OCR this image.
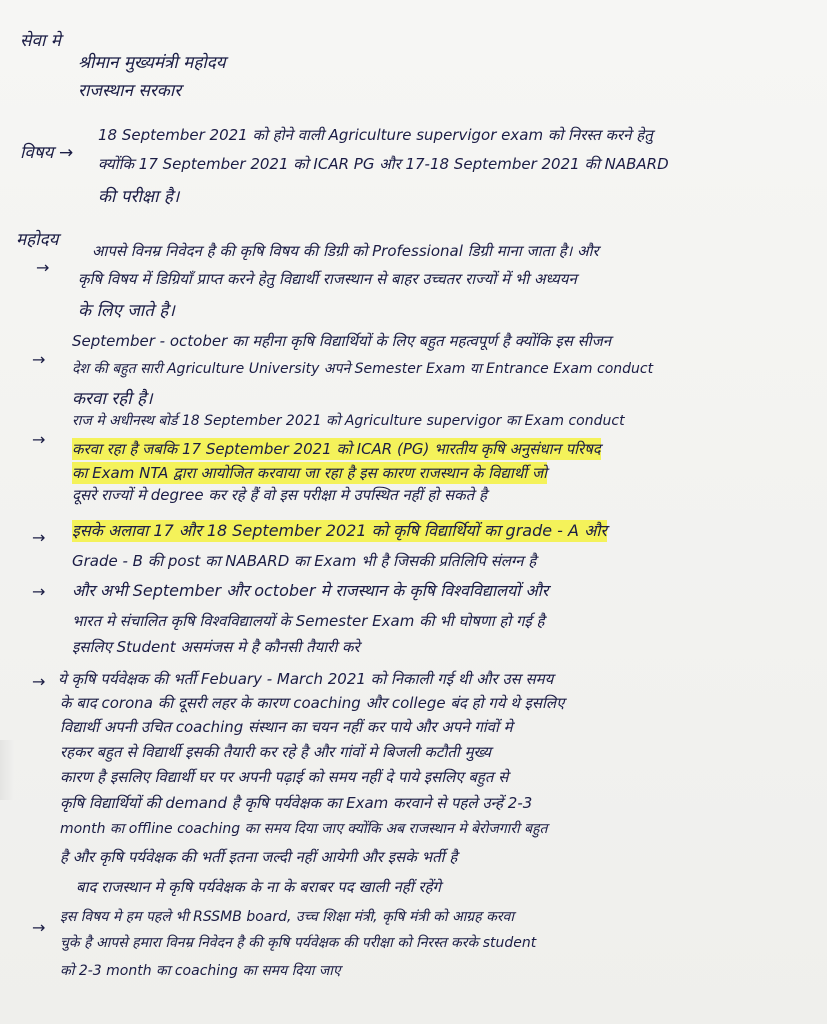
सेवा मे
श्रीमान मुख्यमंत्री महोदय
राजस्थान सरकार
विषय →
18 September 2021 को होने वाली Agriculture supervigor exam को निरस्त करने हेतु
क्योंकि 17 September 2021 को ICAR PG और 17-18 September 2021 की NABARD
की परीक्षा है।
महोदय
→
आपसे विनम्र निवेदन है की कृषि विषय की डिग्री को Professional डिग्री माना जाता है। और
कृषि विषय में डिग्रियाँ प्राप्त करने हेतु विद्यार्थी राजस्थान से बाहर उच्चतर राज्यों में भी अध्ययन
के लिए जाते है।
→
September - october का महीना कृषि विद्यार्थियों के लिए बहुत महत्वपूर्ण है क्योंकि इस सीजन
देश की बहुत सारी Agriculture University अपने Semester Exam या Entrance Exam conduct
करवा रही है।
→
राज मे अधीनस्थ बोर्ड 18 September 2021 को Agriculture supervigor का Exam conduct
करवा रहा है जबकि 17 September 2021 को ICAR (PG) भारतीय कृषि अनुसंधान परिषद
का Exam NTA द्वारा आयोजित करवाया जा रहा है इस कारण राजस्थान के विद्यार्थी जो
दूसरे राज्यों मे degree कर रहे हैं वो इस परीक्षा मे उपस्थित नहीं हो सकते है
→ इसके अलावा 17 और 18 September 2021 को कृषि विद्यार्थियों का grade - A और
Grade - B की post का NABARD का Exam भी है जिसकी प्रतिलिपि संलग्न है
→ और अभी September और october मे राजस्थान के कृषि विश्वविद्यालयों और
भारत मे संचालित कृषि विश्वविद्यालयों के Semester Exam की भी घोषणा हो गई है
इसलिए Student असमंजस मे है कौनसी तैयारी करे
→ ये कृषि पर्यवेक्षक की भर्ती Febuary - March 2021 को निकाली गई थी और उस समय
के बाद corona की दूसरी लहर के कारण coaching और college बंद हो गये थे इसलिए
विद्यार्थी अपनी उचित coaching संस्थान का चयन नहीं कर पाये और अपने गांवों मे
रहकर बहुत से विद्यार्थी इसकी तैयारी कर रहे है और गांवों मे बिजली कटौती मुख्य
कारण है इसलिए विद्यार्थी घर पर अपनी पढ़ाई को समय नहीं दे पाये इसलिए बहुत से
कृषि विद्यार्थियों की demand है कृषि पर्यवेक्षक का Exam करवाने से पहले उन्हें 2-3
month का offline coaching का समय दिया जाए क्योंकि अब राजस्थान मे बेरोजगारी बहुत
है और कृषि पर्यवेक्षक की भर्ती इतना जल्दी नहीं आयेगी और इसके भर्ती है
बाद राजस्थान मे कृषि पर्यवेक्षक के ना के बराबर पद खाली नहीं रहेंगे
→
इस विषय मे हम पहले भी RSSMB board, उच्च शिक्षा मंत्री, कृषि मंत्री को आग्रह करवा
चुके है आपसे हमारा विनम्र निवेदन है की कृषि पर्यवेक्षक की परीक्षा को निरस्त करके student
को 2-3 month का coaching का समय दिया जाए
